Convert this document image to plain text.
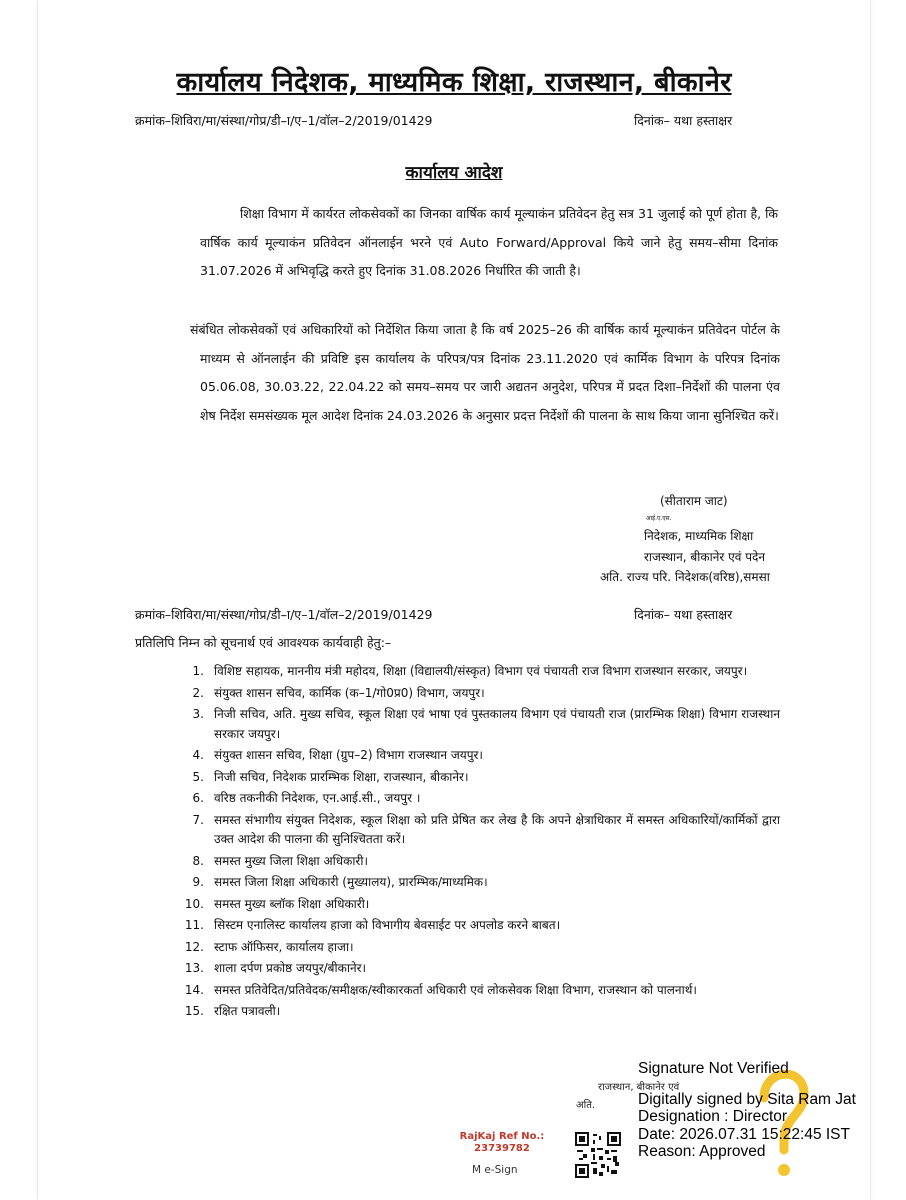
कार्यालय निदेशक, माध्यमिक शिक्षा, राजस्थान, बीकानेर
क्रमांक–शिविरा/मा/संस्था/गोप्र/डी–ा/ए–1/वॉल–2/2019/01429	दिनांक– यथा हस्ताक्षर
कार्यालय आदेश

शिक्षा विभाग में कार्यरत लोकसेवकों का जिनका वार्षिक कार्य मूल्याकंन प्रतिवेदन हेतु सत्र 31 जुलाई को पूर्ण होता है, कि वार्षिक कार्य मूल्याकंन प्रतिवेदन ऑनलाईन भरने एवं Auto Forward/Approval किये जाने हेतु समय–सीमा दिनांक 31.07.2026 में अभिवृद्धि करते हुए दिनांक 31.08.2026 निर्धारित की जाती है।

संबंधित लोकसेवकों एवं अधिकारियों को निर्देशित किया जाता है कि वर्ष 2025–26 की वार्षिक कार्य मूल्याकंन प्रतिवेदन पोर्टल के माध्यम से ऑनलाईन की प्रविष्टि इस कार्यालय के परिपत्र/पत्र दिनांक 23.11.2020 एवं कार्मिक विभाग के परिपत्र दिनांक 05.06.08, 30.03.22, 22.04.22 को समय–समय पर जारी अद्यतन अनुदेश, परिपत्र में प्रदत दिशा–निर्देशों की पालना एंव शेष निर्देश समसंख्यक मूल आदेश दिनांक 24.03.2026 के अनुसार प्रदत्त निर्देशों की पालना के साथ किया जाना सुनिश्चित करें।

(सीताराम जाट)
आई.ए.एस.
निदेशक, माध्यमिक शिक्षा
राजस्थान, बीकानेर एवं पदेन
अति. राज्य परि. निदेशक(वरिष्ठ),समसा
क्रमांक–शिविरा/मा/संस्था/गोप्र/डी–ा/ए–1/वॉल–2/2019/01429	दिनांक– यथा हस्ताक्षर
प्रतिलिपि निम्न को सूचनार्थ एवं आवश्यक कार्यवाही हेतु:–
1. विशिष्ट सहायक, माननीय मंत्री महोदय, शिक्षा (विद्यालयी/संस्कृत) विभाग एवं पंचायती राज विभाग राजस्थान सरकार, जयपुर।
2. संयुक्त शासन सचिव, कार्मिक (क–1/गो0प्र0) विभाग, जयपुर।
3. निजी सचिव, अति. मुख्य सचिव, स्कूल शिक्षा एवं भाषा एवं पुस्तकालय विभाग एवं पंचायती राज (प्रारम्भिक शिक्षा) विभाग राजस्थान सरकार जयपुर।
4. संयुक्त शासन सचिव, शिक्षा (ग्रुप–2) विभाग राजस्थान जयपुर।
5. निजी सचिव, निदेशक प्रारम्भिक शिक्षा, राजस्थान, बीकानेर।
6. वरिष्ठ तकनीकी निदेशक, एन.आई.सी., जयपुर ।
7. समस्त संभागीय संयुक्त निदेशक, स्कूल शिक्षा को प्रति प्रेषित कर लेख है कि अपने क्षेत्राधिकार में समस्त अधिकारियों/कार्मिकों द्वारा उक्त आदेश की पालना की सुनिश्चितता करें।
8. समस्त मुख्य जिला शिक्षा अधिकारी।
9. समस्त जिला शिक्षा अधिकारी (मुख्यालय), प्रारम्भिक/माध्यमिक।
10. समस्त मुख्य ब्लॉक शिक्षा अधिकारी।
11. सिस्टम एनालिस्ट कार्यालय हाजा को विभागीय बेवसाईट पर अपलोड करने बाबत।
12. स्टाफ ऑफिसर, कार्यालय हाजा।
13. शाला दर्पण प्रकोष्ठ जयपुर/बीकानेर।
14. समस्त प्रतिवेदित/प्रतिवेदक/समीक्षक/स्वीकारकर्ता अधिकारी एवं लोकसेवक शिक्षा विभाग, राजस्थान को पालनार्थ।
15. रक्षित पत्रावली।
राजस्थान, बीकानेर एवं
अति.
Signature Not Verified
Digitally signed by Sita Ram Jat
Designation : Director
Date: 2026.07.31 15:22:45 IST
Reason: Approved
RajKaj Ref No.:
23739782
M e-Sign
